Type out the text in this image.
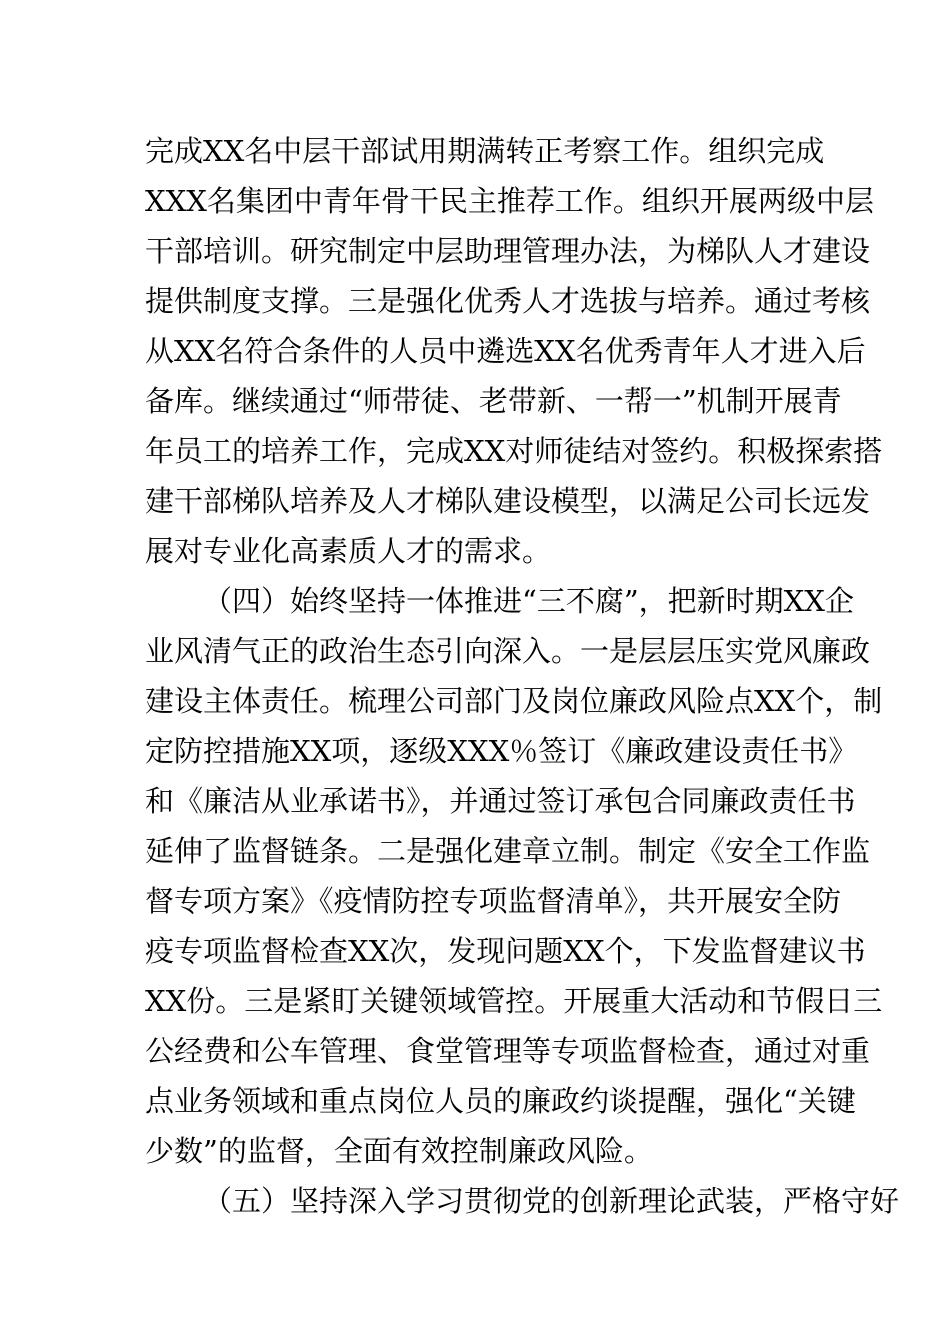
完成XX名中层干部试用期满转正考察工作。组织完成
XXX名集团中青年骨干民主推荐工作。组织开展两级中层
干部培训。研究制定中层助理管理办法，为梯队人才建设
提供制度支撑。三是强化优秀人才选拔与培养。通过考核
从XX名符合条件的人员中遴选XX名优秀青年人才进入后
备库。继续通过“师带徒、老带新、一帮一”机制开展青
年员工的培养工作，完成XX对师徒结对签约。积极探索搭
建干部梯队培养及人才梯队建设模型，以满足公司长远发
展对专业化高素质人才的需求。
（四）始终坚持一体推进“三不腐”，把新时期XX企
业风清气正的政治生态引向深入。一是层层压实党风廉政
建设主体责任。梳理公司部门及岗位廉政风险点XX个，制
定防控措施XX项，逐级XXX％签订《廉政建设责任书》
和《廉洁从业承诺书》，并通过签订承包合同廉政责任书
延伸了监督链条。二是强化建章立制。制定《安全工作监
督专项方案》《疫情防控专项监督清单》，共开展安全防
疫专项监督检查XX次，发现问题XX个，下发监督建议书
XX份。三是紧盯关键领域管控。开展重大活动和节假日三
公经费和公车管理、食堂管理等专项监督检查，通过对重
点业务领域和重点岗位人员的廉政约谈提醒，强化“关键
少数”的监督，全面有效控制廉政风险。
（五）坚持深入学习贯彻党的创新理论武装，严格守好
